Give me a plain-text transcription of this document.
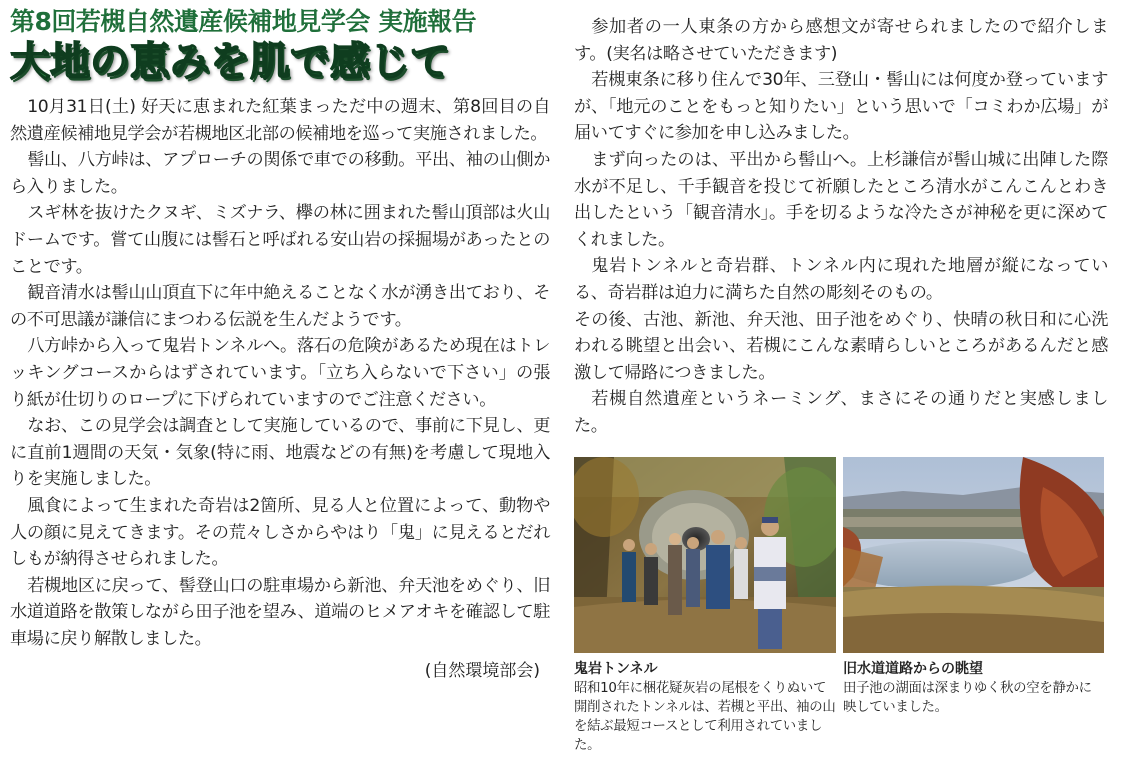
第8回若槻自然遺産候補地見学会 実施報告
大地の恵みを肌で感じて

10月31日(土) 好天に恵まれた紅葉まっただ中の週末、第8回目の自然遺産候補地見学会が若槻地区北部の候補地を巡って実施されました。

髻山、八方峠は、アプローチの関係で車での移動。平出、袖の山側から入りました。

スギ林を抜けたクヌギ、ミズナラ、欅の林に囲まれた髻山頂部は火山ドームです。嘗て山腹には髻石と呼ばれる安山岩の採掘場があったとのことです。

観音清水は髻山山頂直下に年中絶えることなく水が湧き出ており、その不可思議が謙信にまつわる伝説を生んだようです。

八方峠から入って鬼岩トンネルへ。落石の危険があるため現在はトレッキングコースからはずされています。「立ち入らないで下さい」の張り紙が仕切りのロープに下げられていますのでご注意ください。

なお、この見学会は調査として実施しているので、事前に下見し、更に直前1週間の天気・気象(特に雨、地震などの有無)を考慮して現地入りを実施しました。

風食によって生まれた奇岩は2箇所、見る人と位置によって、動物や人の顔に見えてきます。その荒々しさからやはり「鬼」に見えるとだれしもが納得させられました。

若槻地区に戻って、髻登山口の駐車場から新池、弁天池をめぐり、旧水道道路を散策しながら田子池を望み、道端のヒメアオキを確認して駐車場に戻り解散しました。

(自然環境部会)

参加者の一人東条の方から感想文が寄せられましたので紹介します。(実名は略させていただきます)

若槻東条に移り住んで30年、三登山・髻山には何度か登っていますが、「地元のことをもっと知りたい」という思いで「コミわか広場」が届いてすぐに参加を申し込みました。

まず向ったのは、平出から髻山へ。上杉謙信が髻山城に出陣した際水が不足し、千手観音を投じて祈願したところ清水がこんこんとわき出したという「観音清水」。手を切るような冷たさが神秘を更に深めてくれました。

鬼岩トンネルと奇岩群、トンネル内に現れた地層が縦になっている、奇岩群は迫力に満ちた自然の彫刻そのもの。

その後、古池、新池、弁天池、田子池をめぐり、快晴の秋日和に心洗われる眺望と出会い、若槻にこんな素晴らしいところがあるんだと感激して帰路につきました。

若槻自然遺産というネーミング、まさにその通りだと実感しました。

鬼岩トンネル

昭和10年に梱花疑灰岩の尾根をくりぬいて開削されたトンネルは、若槻と平出、袖の山を結ぶ最短コースとして利用されていました。

旧水道道路からの眺望

田子池の湖面は深まりゆく秋の空を静かに映していました。
